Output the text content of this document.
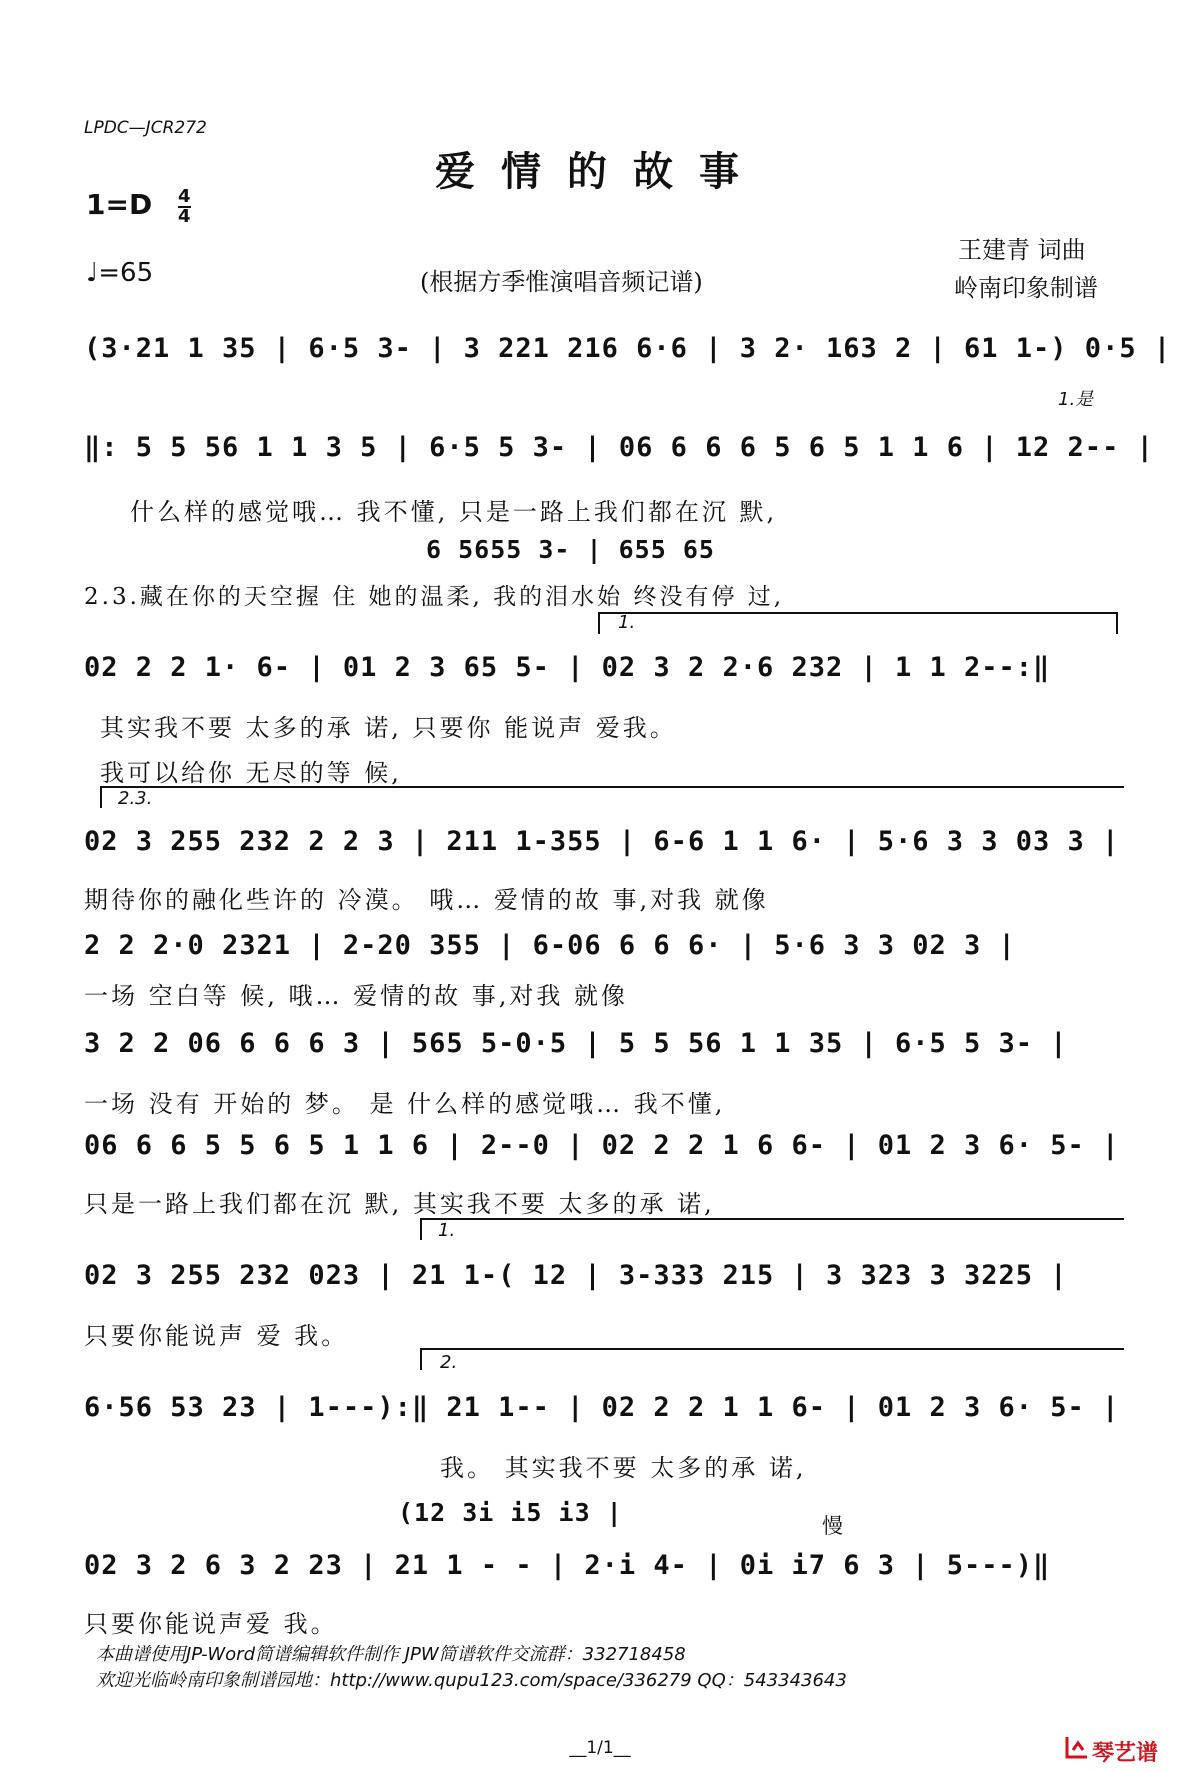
LPDC—JCR272
爱情的故事
1=D 4
4
♩=65	(根据方季惟演唱音频记谱)
王建青 词曲
岭南印象制谱
(3·21 1 35 | 6·5 3- | 3 221 216 6·6 | 3 2· 163 2 | 61 1-) 0·5 |
1.是
‖: 5 5 56 1 1 3 5 | 6·5 5 3- | 06 6 6 6 5 6 5 1 1 6 | 12 2-- |
什么样的感觉哦… 我不懂, 只是一路上我们都在沉 默,
6 5655 3- | 655 65
2.3.藏在你的天空握 住 她的温柔, 我的泪水始 终没有停 过,
1.
02 2 2 1· 6- | 01 2 3 65 5- | 02 3 2 2·6 232 | 1 1 2--:‖
其实我不要 太多的承 诺, 只要你 能说声 爱我。
我可以给你 无尽的等 候,
2.3.
02 3 255 232 2 2 3 | 211 1-355 | 6-6 1 1 6· | 5·6 3 3 03 3 |
期待你的融化些许的 冷漠。 哦… 爱情的故 事,对我 就像
2 2 2·0 2321 | 2-20 355 | 6-06 6 6 6· | 5·6 3 3 02 3 |
一场 空白等 候, 哦… 爱情的故 事,对我 就像
3 2 2 06 6 6 6 3 | 565 5-0·5 | 5 5 56 1 1 35 | 6·5 5 3- |
一场 没有 开始的 梦。 是 什么样的感觉哦… 我不懂,
06 6 6 5 5 6 5 1 1 6 | 2--0 | 02 2 2 1 6 6- | 01 2 3 6· 5- |
只是一路上我们都在沉 默, 其实我不要 太多的承 诺,
1.
02 3 255 232 023 | 21 1-( 12 | 3-333 215 | 3 323 3 3225 |
只要你能说声 爱 我。
2.
6·56 53 23 | 1---):‖ 21 1-- | 02 2 2 1 1 6- | 01 2 3 6· 5- |
我。 其实我不要 太多的承 诺,
(12 3i i5 i3 |	慢
02 3 2 6 3 2 23 | 21 1 - - | 2·i 4- | 0i i7 6 3 | 5---)‖
只要你能说声爱 我。
本曲谱使用JP-Word简谱编辑软件制作 JPW简谱软件交流群：332718458
欢迎光临岭南印象制谱园地：http://www.qupu123.com/space/336279 QQ：543343643
__1/1__	琴艺谱
